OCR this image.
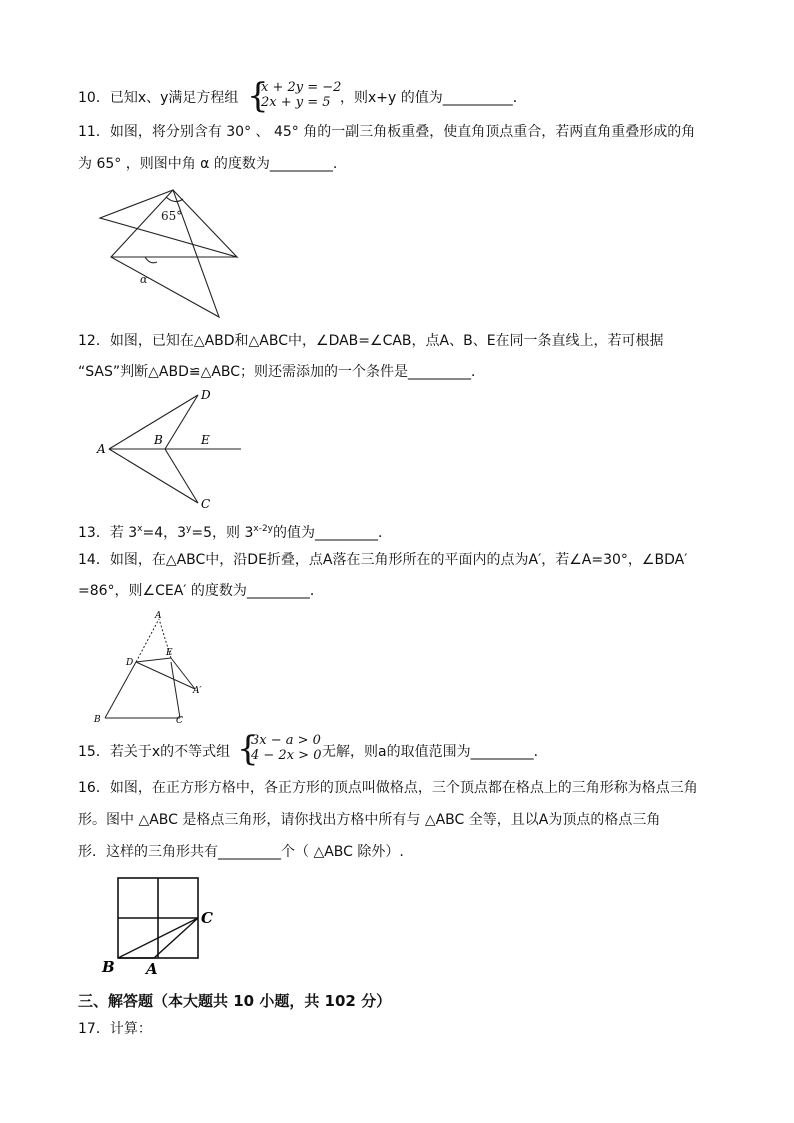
10．已知x、y满足方程组 {
x + 2y = −2
2x + y = 5 ，则x+y 的值为__________．
11．如图，将分别含有 30° 、 45° 角的一副三角板重叠，使直角顶点重合，若两直角重叠形成的角
为 65° ，则图中角 α 的度数为_________.
65°
α
12．如图，已知在△ABD和△ABC中，∠DAB=∠CAB，点A、B、E在同一条直线上，若可根据
“SAS”判断△ABD≌△ABC；则还需添加的一个条件是_________．
A
B	E
D
C
13．若 $3^x=4$，$3^y=5$，则 $3^{x-2y}$的值为_________．
14．如图，在△ABC中，沿DE折叠，点A落在三角形所在的平面内的点为A′，若∠A=30°，∠BDA′
=86°，则∠CEA′ 的度数为_________．
A
D
E
A′
B	C
15．若关于x的不等式组 {
3x − a > 0
4 − 2x > 0 无解，则a的取值范围为_________．
16．如图，在正方形方格中，各正方形的顶点叫做格点，三个顶点都在格点上的三角形称为格点三角
形。图中 △ABC 是格点三角形，请你找出方格中所有与 △ABC 全等，且以A为顶点的格点三角
形．这样的三角形共有_________个（ △ABC 除外）.
B A
C
三、解答题（本大题共 10 小题，共 102 分）
17．计算：
